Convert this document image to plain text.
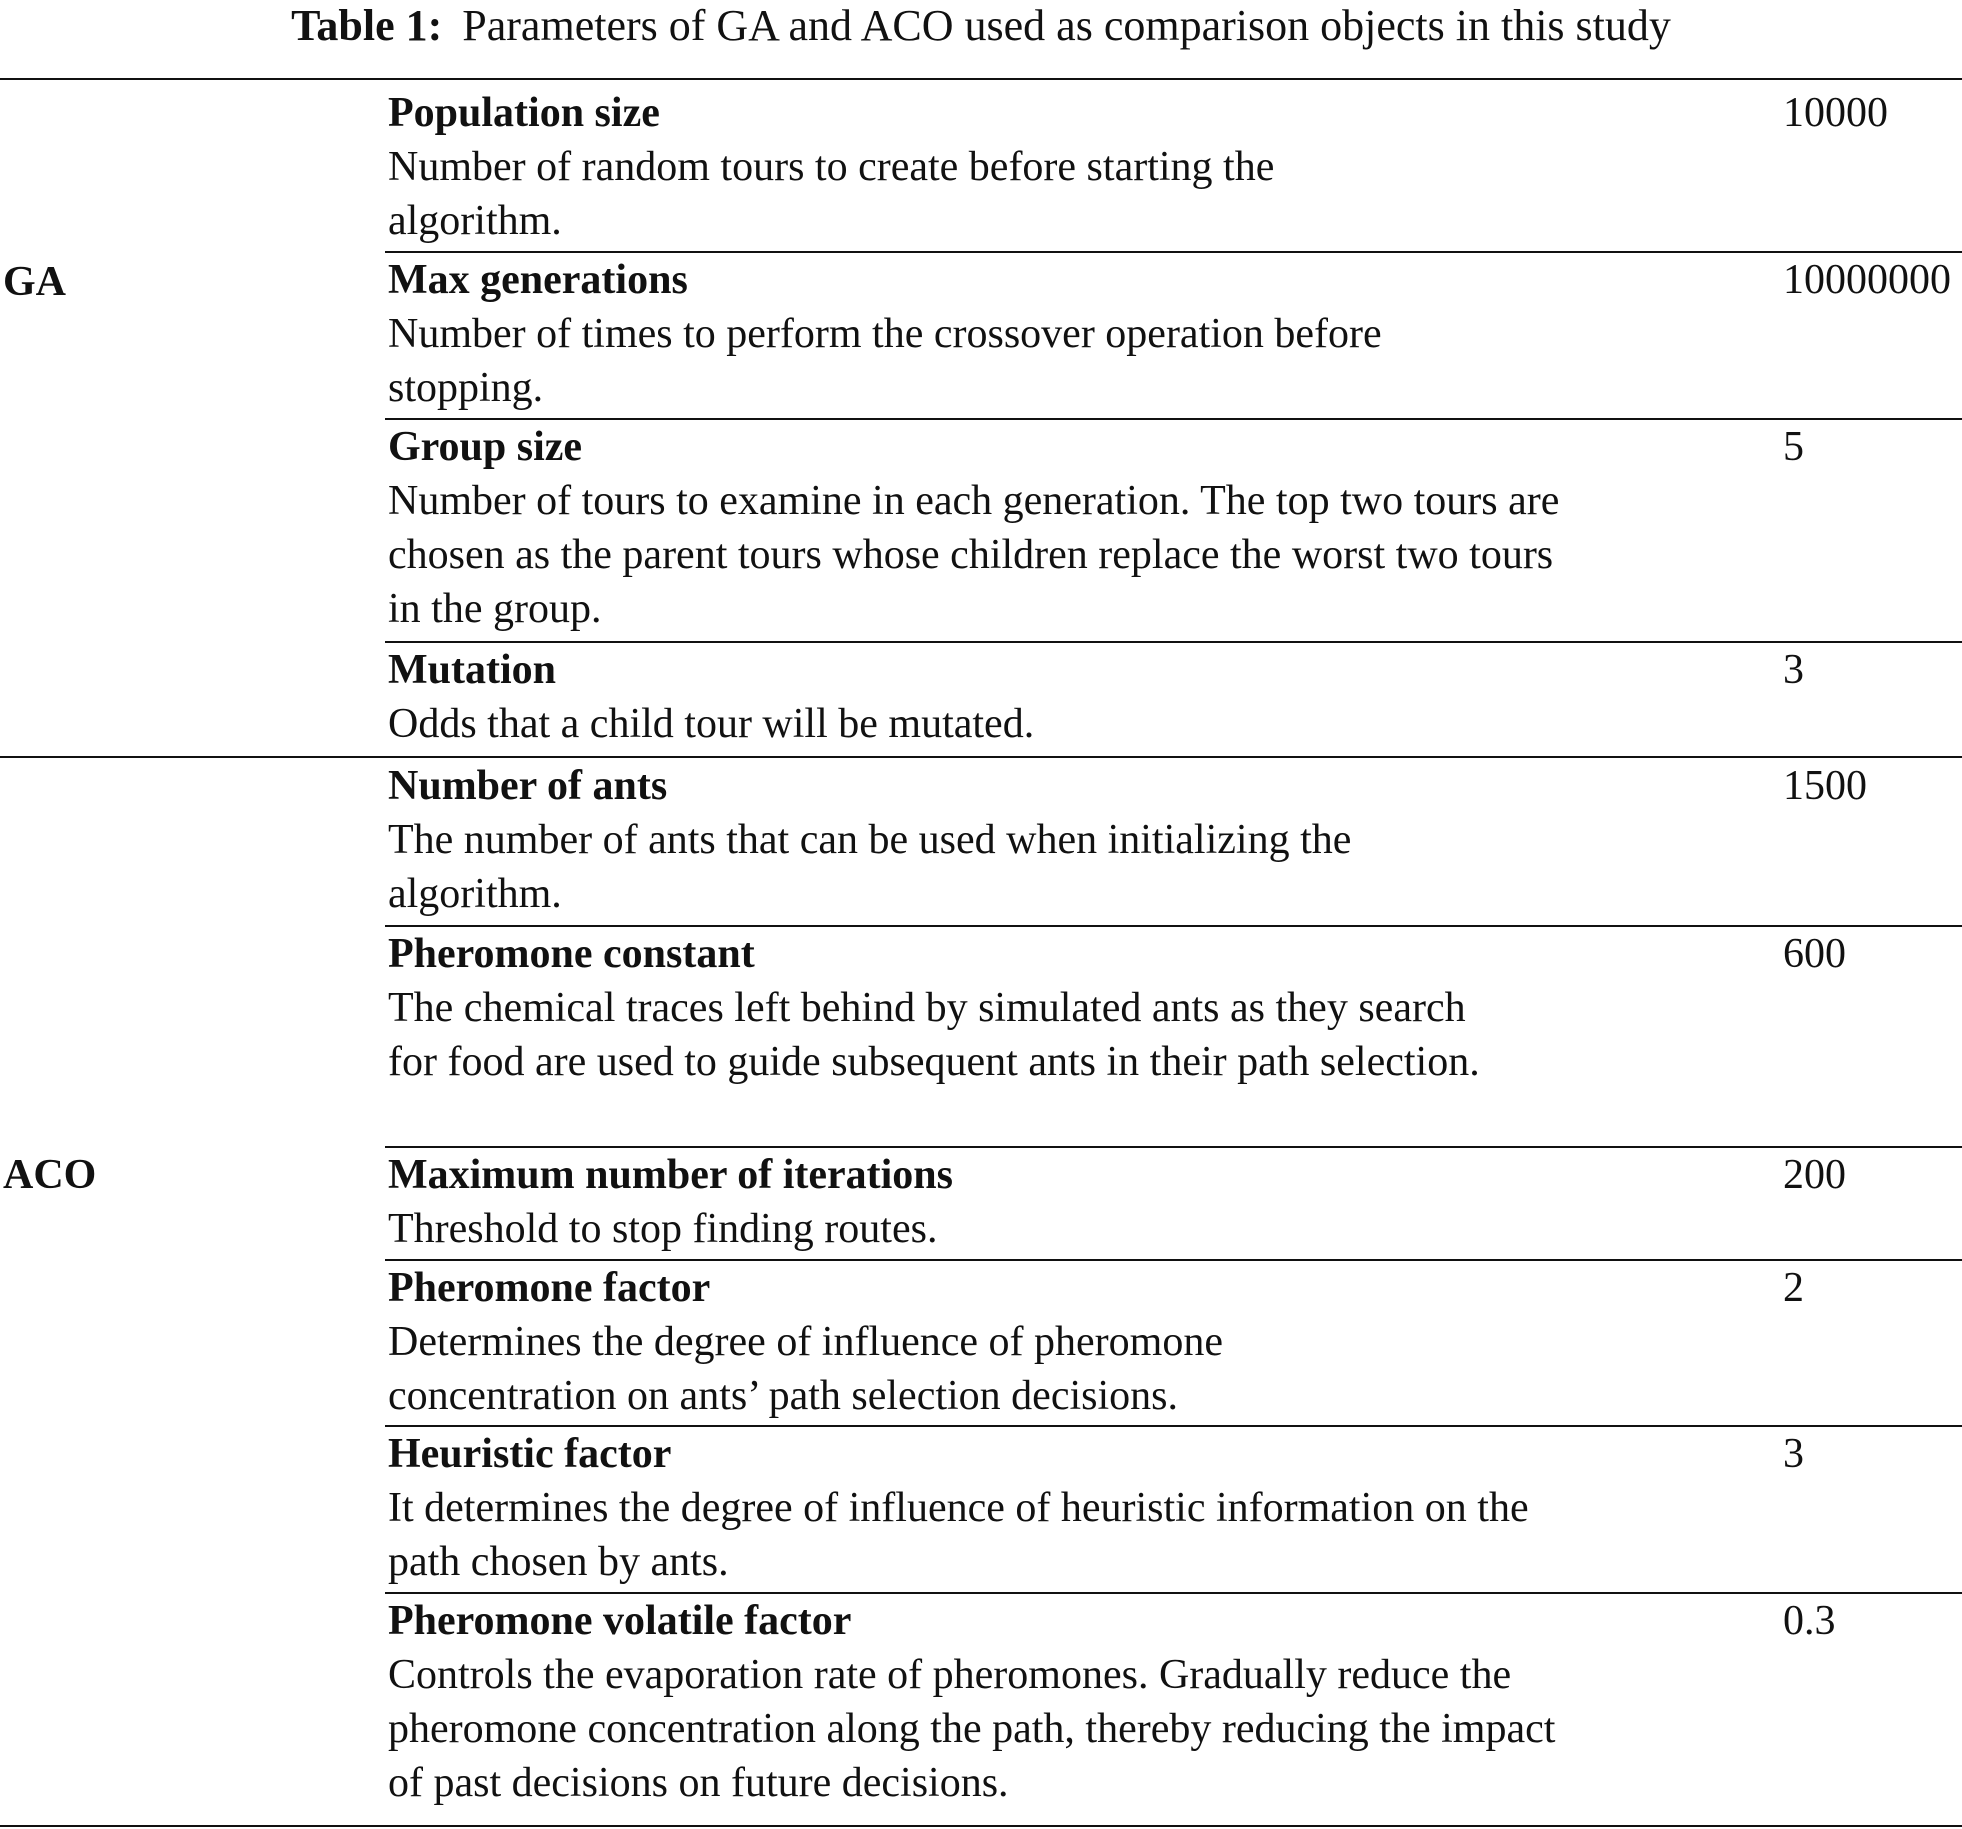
Table 1: Parameters of GA and ACO used as comparison objects in this study
GA
Population size
Number of random tours to create before starting the algorithm.
10000
Max generations
Number of times to perform the crossover operation before stopping.
10000000
Group size
Number of tours to examine in each generation. The top two tours are chosen as the parent tours whose children replace the worst two tours in the group.
5
Mutation
Odds that a child tour will be mutated.
3
ACO
Number of ants
The number of ants that can be used when initializing the algorithm.
1500
Pheromone constant
The chemical traces left behind by simulated ants as they search for food are used to guide subsequent ants in their path selection.
600
Maximum number of iterations
Threshold to stop finding routes.
200
Pheromone factor
Determines the degree of influence of pheromone concentration on ants’ path selection decisions.
2
Heuristic factor
It determines the degree of influence of heuristic information on the path chosen by ants.
3
Pheromone volatile factor
Controls the evaporation rate of pheromones. Gradually reduce the pheromone concentration along the path, thereby reducing the impact of past decisions on future decisions.
0.3
